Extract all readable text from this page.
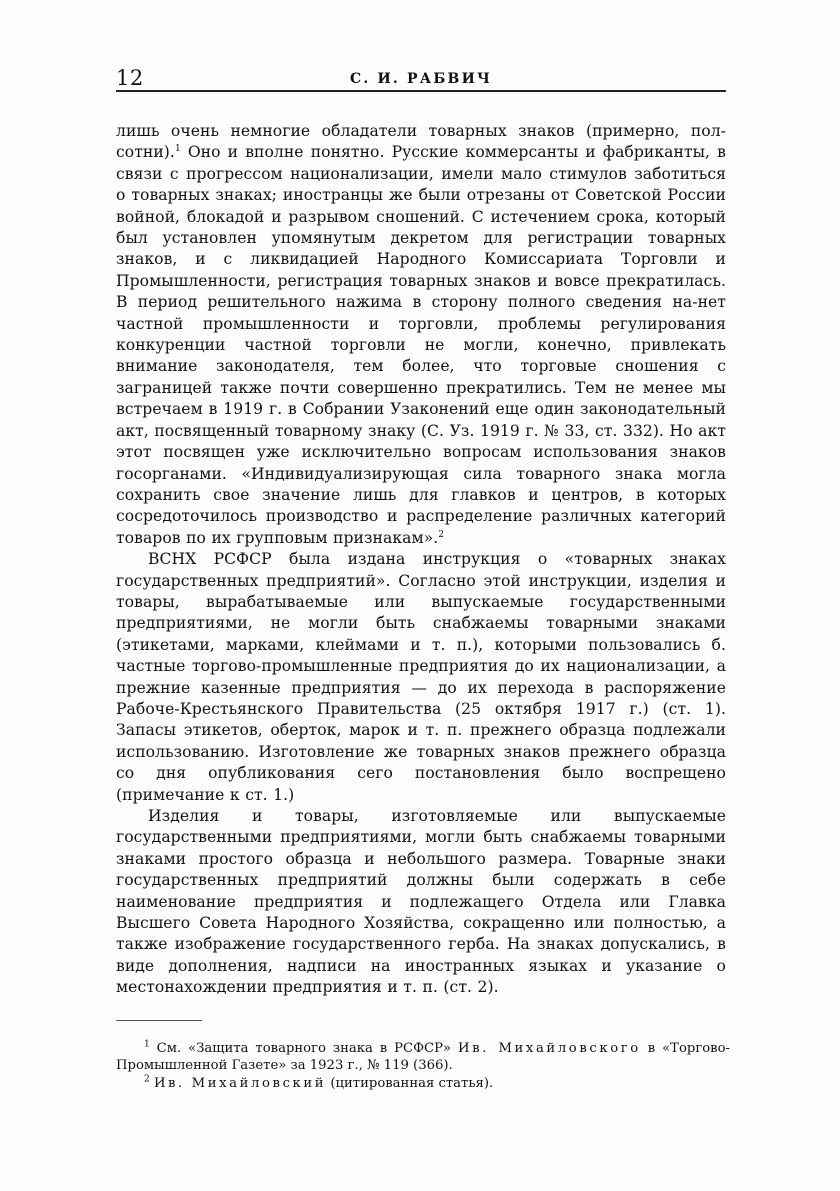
12	С. И. РАБВИЧ

лишь очень немногие обладатели товарных знаков (примерно, пол-сотни).$^1$ Оно и вполне понятно. Русские коммерсанты и фабриканты, в связи с прогрессом национализации, имели мало стимулов заботиться о товарных знаках; иностранцы же были отрезаны от Советской России войной, блокадой и разрывом сношений. С истечением срока, который был установлен упомянутым декретом для регистрации товарных знаков, и с ликвидацией Народного Комиссариата Торговли и Промышленности, регистрация товарных знаков и вовсе прекратилась. В период решительного нажима в сторону полного сведения на-нет частной промышленности и торговли, проблемы регулирования конкуренции частной торговли не могли, конечно, привлекать внимание законодателя, тем более, что торговые сношения с заграницей также почти совершенно прекратились. Тем не менее мы встречаем в 1919 г. в Собрании Узаконений еще один законодательный акт, посвященный товарному знаку (С. Уз. 1919 г. № 33, ст. 332). Но акт этот посвящен уже исключительно вопросам использования знаков госорганами. «Индивидуализирующая сила товарного знака могла сохранить свое значение лишь для главков и центров, в которых сосредоточилось производство и распределение различных категорий товаров по их групповым признакам».$^2$

ВСНХ РСФСР была издана инструкция о «товарных знаках государственных предприятий». Согласно этой инструкции, изделия и товары, вырабатываемые или выпускаемые государственными предприятиями, не могли быть снабжаемы товарными знаками (этикетами, марками, клеймами и т. п.), которыми пользовались б. частные торгово-промышленные предприятия до их национализации, а прежние казенные предприятия — до их перехода в распоряжение Рабоче-Крестьянского Правительства (25 октября 1917 г.) (ст. 1). Запасы этикетов, оберток, марок и т. п. прежнего образца подлежали использованию. Изготовление же товарных знаков прежнего образца со дня опубликования сего постановления было воспрещено (примечание к ст. 1.)

Изделия и товары, изготовляемые или выпускаемые государственными предприятиями, могли быть снабжаемы товарными знаками простого образца и небольшого размера. Товарные знаки государственных предприятий должны были содержать в себе наименование предприятия и подлежащего Отдела или Главка Высшего Совета Народного Хозяйства, сокращенно или полностью, а также изображение государственного герба. На знаках допускались, в виде дополнения, надписи на иностранных языках и указание о местонахождении предприятия и т. п. (ст. 2).

$^1$ См. «Защита товарного знака в РСФСР» Ив. Михайловского в «Торгово-Промышленной Газете» за 1923 г., № 119 (366).

$^2$ Ив. Михайловский (цитированная статья).
